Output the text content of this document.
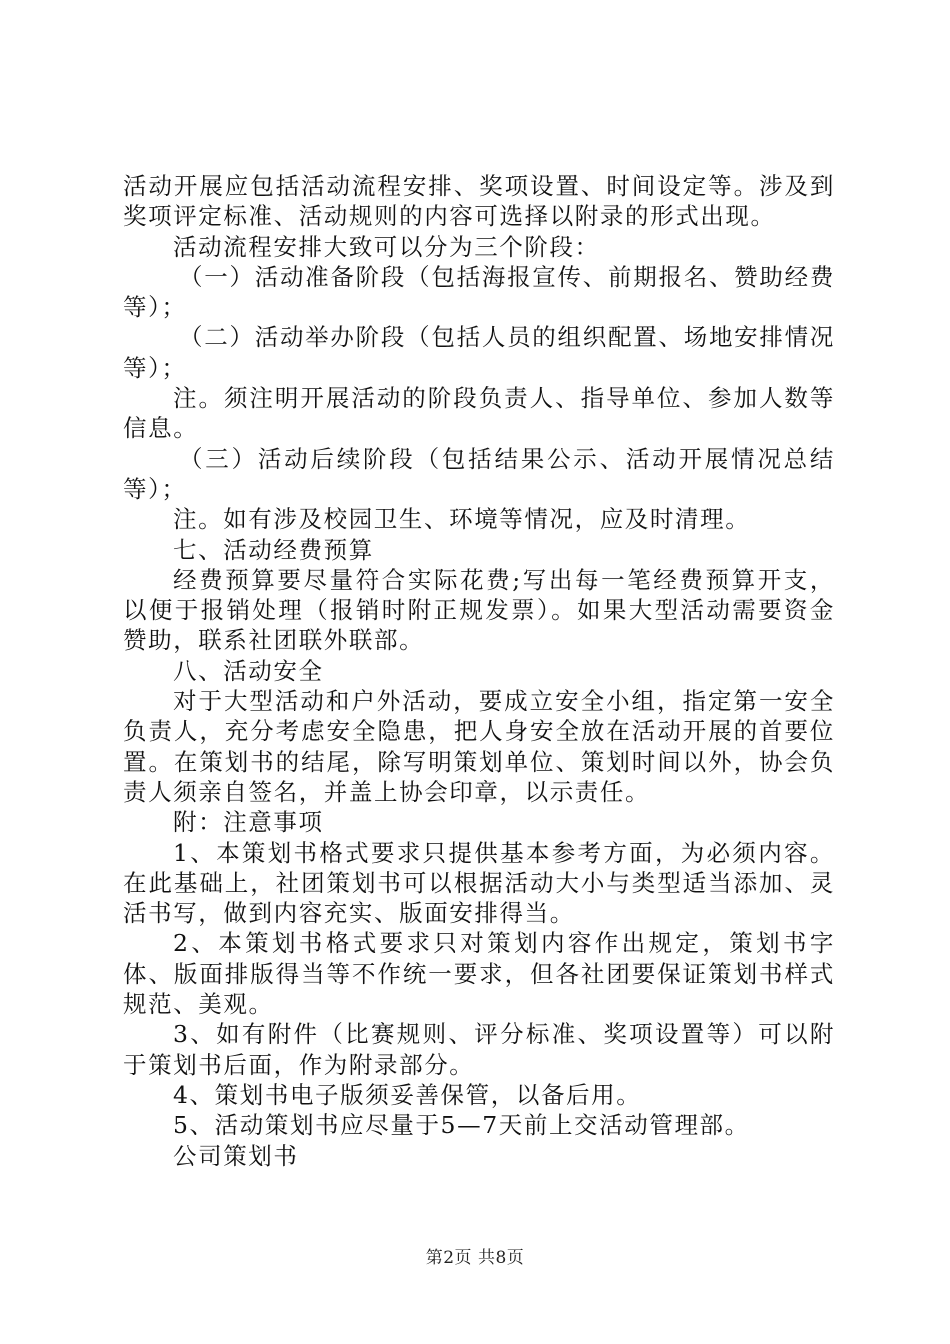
活动开展应包括活动流程安排、奖项设置、时间设定等。涉及到奖项评定标准、活动规则的内容可选择以附录的形式出现。

活动流程安排大致可以分为三个阶段：

（一）活动准备阶段（包括海报宣传、前期报名、赞助经费等）；

（二）活动举办阶段（包括人员的组织配置、场地安排情况等）；

注。须注明开展活动的阶段负责人、指导单位、参加人数等信息。

（三）活动后续阶段（包括结果公示、活动开展情况总结等）；

注。如有涉及校园卫生、环境等情况，应及时清理。

七、活动经费预算

经费预算要尽量符合实际花费;写出每一笔经费预算开支，以便于报销处理（报销时附正规发票）。如果大型活动需要资金赞助，联系社团联外联部。

八、活动安全

对于大型活动和户外活动，要成立安全小组，指定第一安全负责人，充分考虑安全隐患，把人身安全放在活动开展的首要位置。在策划书的结尾，除写明策划单位、策划时间以外，协会负责人须亲自签名，并盖上协会印章，以示责任。

附：注意事项

1、本策划书格式要求只提供基本参考方面，为必须内容。在此基础上，社团策划书可以根据活动大小与类型适当添加、灵活书写，做到内容充实、版面安排得当。

2、本策划书格式要求只对策划内容作出规定，策划书字体、版面排版得当等不作统一要求，但各社团要保证策划书样式规范、美观。

3、如有附件（比赛规则、评分标准、奖项设置等）可以附于策划书后面，作为附录部分。

4、策划书电子版须妥善保管，以备后用。

5、活动策划书应尽量于5—7天前上交活动管理部。

公司策划书

第2页 共8页
